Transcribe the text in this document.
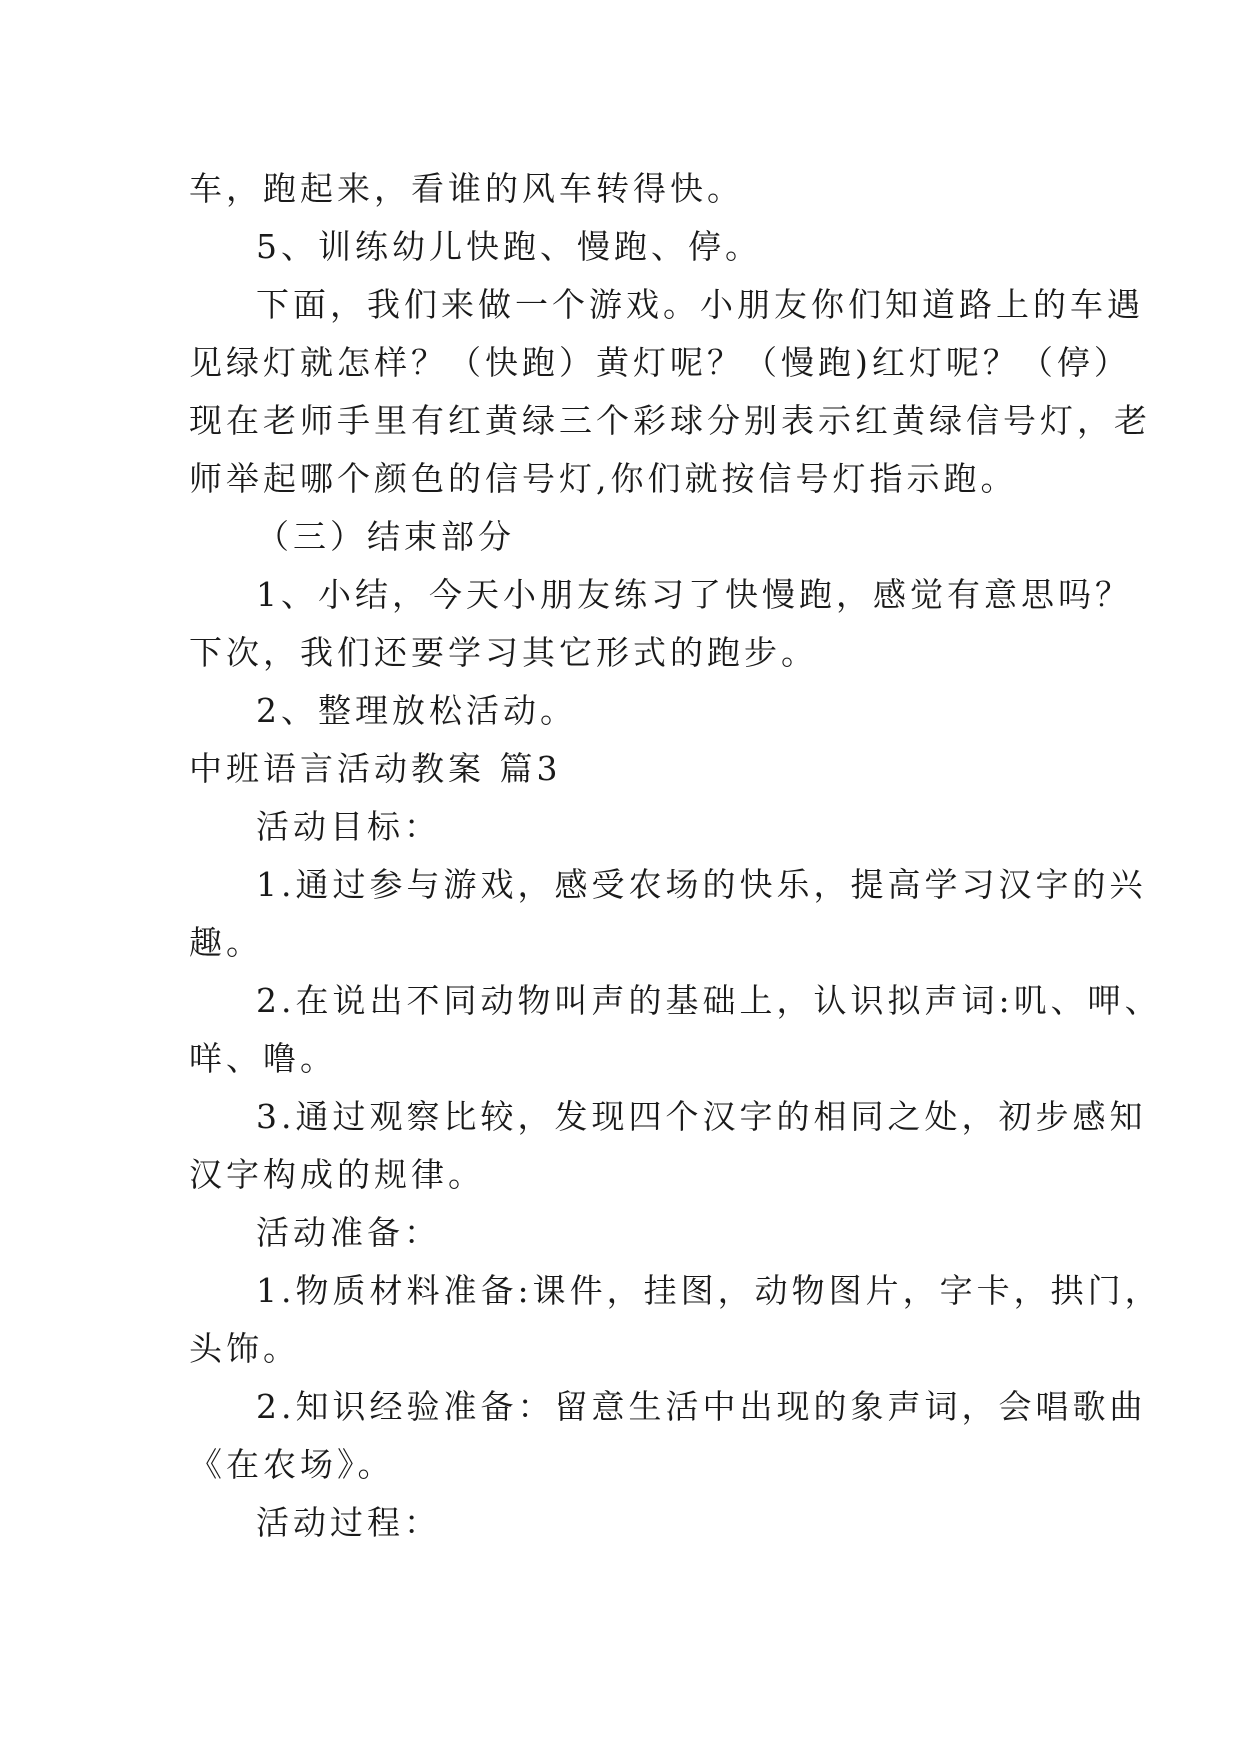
车，跑起来，看谁的风车转得快。

5、训练幼儿快跑、慢跑、停。

下面，我们来做一个游戏。小朋友你们知道路上的车遇

见绿灯就怎样？（快跑）黄灯呢？（慢跑)红灯呢？（停）

现在老师手里有红黄绿三个彩球分别表示红黄绿信号灯，老

师举起哪个颜色的信号灯,你们就按信号灯指示跑。

（三）结束部分

1、小结，今天小朋友练习了快慢跑，感觉有意思吗？

下次，我们还要学习其它形式的跑步。

2、整理放松活动。

中班语言活动教案 篇3

活动目标：

1.通过参与游戏，感受农场的快乐，提高学习汉字的兴

趣。

2.在说出不同动物叫声的基础上，认识拟声词:叽、呷、

咩、噜。

3.通过观察比较，发现四个汉字的相同之处，初步感知

汉字构成的规律。

活动准备：

1.物质材料准备:课件，挂图，动物图片，字卡，拱门，

头饰。

2.知识经验准备：留意生活中出现的象声词，会唱歌曲

《在农场》。

活动过程：
